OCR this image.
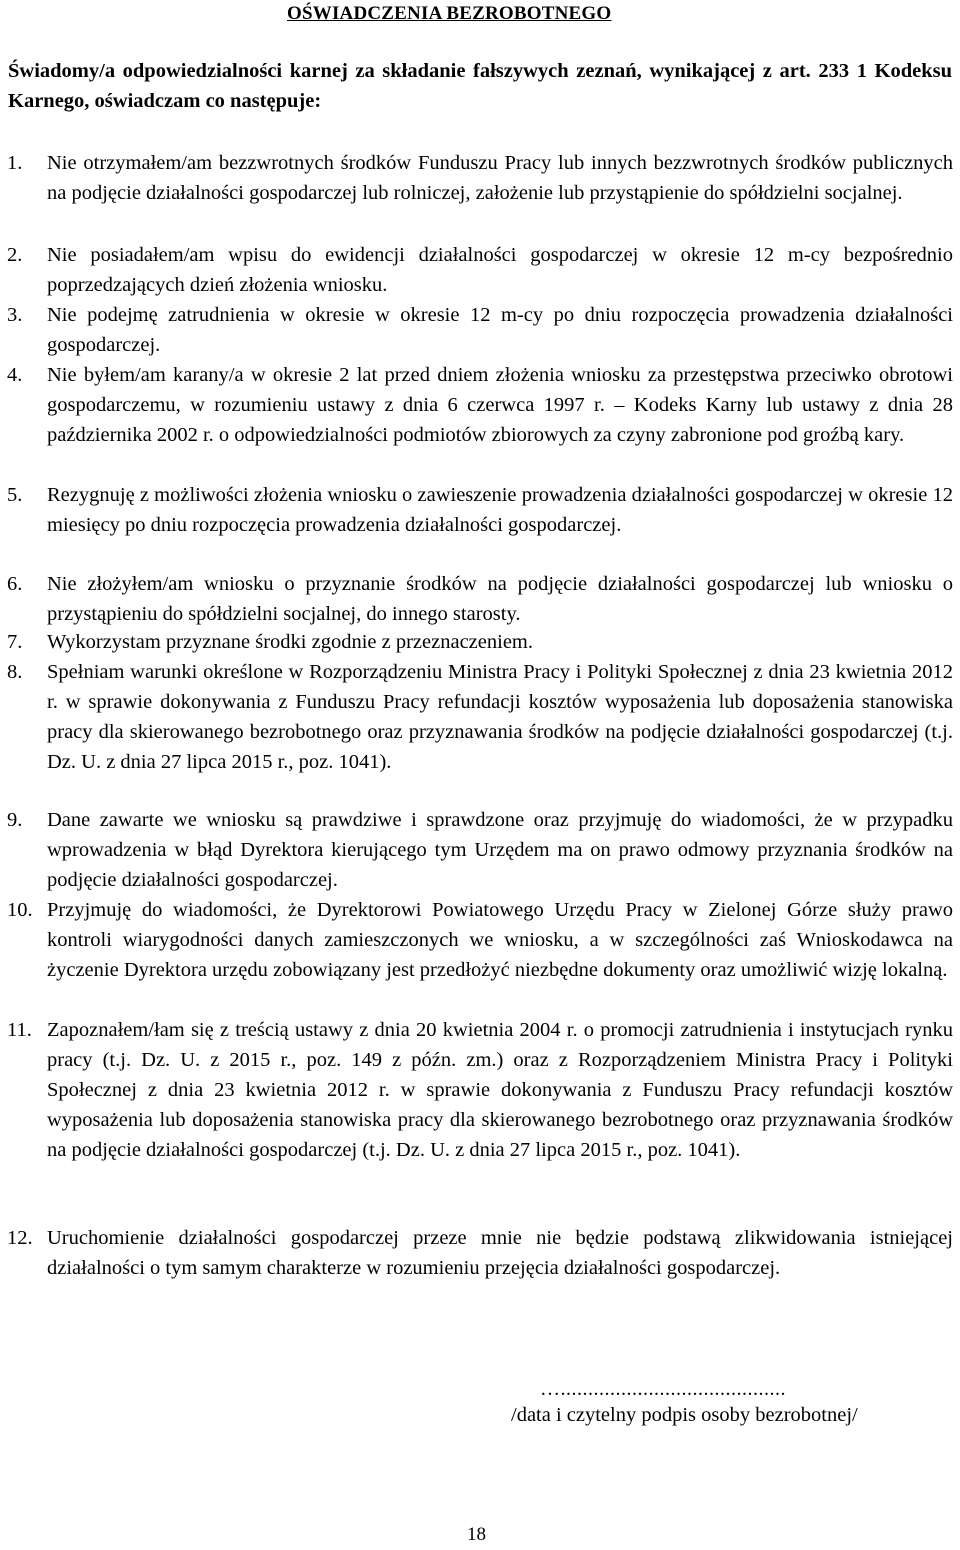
OŚWIADCZENIA BEZROBOTNEGO
Świadomy/a odpowiedzialności karnej za składanie fałszywych zeznań, wynikającej z art. 233 1 Kodeksu Karnego, oświadczam co następuje:
1. Nie otrzymałem/am bezzwrotnych środków Funduszu Pracy lub innych bezzwrotnych środków publicznych na podjęcie działalności gospodarczej lub rolniczej, założenie lub przystąpienie do spółdzielni socjalnej.
2. Nie posiadałem/am wpisu do ewidencji działalności gospodarczej w okresie 12 m-cy bezpośrednio poprzedzających dzień złożenia wniosku.
3. Nie podejmę zatrudnienia w okresie w okresie 12 m-cy po dniu rozpoczęcia prowadzenia działalności gospodarczej.
4. Nie byłem/am karany/a w okresie 2 lat przed dniem złożenia wniosku za przestępstwa przeciwko obrotowi gospodarczemu, w rozumieniu ustawy z dnia 6 czerwca 1997 r. – Kodeks Karny lub ustawy z dnia 28 października 2002 r. o odpowiedzialności podmiotów zbiorowych za czyny zabronione pod groźbą kary.
5. Rezygnuję z możliwości złożenia wniosku o zawieszenie prowadzenia działalności gospodarczej w okresie 12 miesięcy po dniu rozpoczęcia prowadzenia działalności gospodarczej.
6. Nie złożyłem/am wniosku o przyznanie środków na podjęcie działalności gospodarczej lub wniosku o przystąpieniu do spółdzielni socjalnej, do innego starosty.
7. Wykorzystam przyznane środki zgodnie z przeznaczeniem.
8. Spełniam warunki określone w Rozporządzeniu Ministra Pracy i Polityki Społecznej z dnia 23 kwietnia 2012 r. w sprawie dokonywania z Funduszu Pracy refundacji kosztów wyposażenia lub doposażenia stanowiska pracy dla skierowanego bezrobotnego oraz przyznawania środków na podjęcie działalności gospodarczej (t.j. Dz. U. z dnia 27 lipca 2015 r., poz. 1041).
9. Dane zawarte we wniosku są prawdziwe i sprawdzone oraz przyjmuję do wiadomości, że w przypadku wprowadzenia w błąd Dyrektora kierującego tym Urzędem ma on prawo odmowy przyznania środków na podjęcie działalności gospodarczej.
10. Przyjmuję do wiadomości, że Dyrektorowi Powiatowego Urzędu Pracy w Zielonej Górze służy prawo kontroli wiarygodności danych zamieszczonych we wniosku, a w szczególności zaś Wnioskodawca na życzenie Dyrektora urzędu zobowiązany jest przedłożyć niezbędne dokumenty oraz umożliwić wizję lokalną.
11. Zapoznałem/łam się z treścią ustawy z dnia 20 kwietnia 2004 r. o promocji zatrudnienia i instytucjach rynku pracy (t.j. Dz. U. z 2015 r., poz. 149 z późn. zm.) oraz z Rozporządzeniem Ministra Pracy i Polityki Społecznej z dnia 23 kwietnia 2012 r. w sprawie dokonywania z Funduszu Pracy refundacji kosztów wyposażenia lub doposażenia stanowiska pracy dla skierowanego bezrobotnego oraz przyznawania środków na podjęcie działalności gospodarczej (t.j. Dz. U. z dnia 27 lipca 2015 r., poz. 1041).
12. Uruchomienie działalności gospodarczej przeze mnie nie będzie podstawą zlikwidowania istniejącej działalności o tym samym charakterze w rozumieniu przejęcia działalności gospodarczej.
….........................................
/data i czytelny podpis osoby bezrobotnej/
18
